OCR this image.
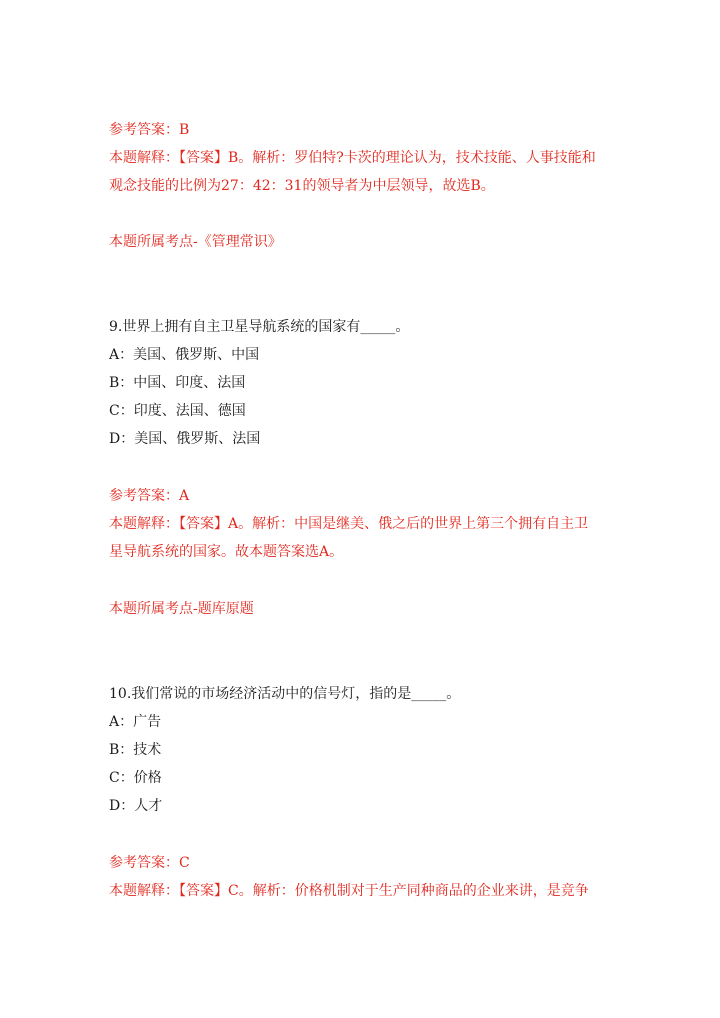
参考答案：B
本题解释：【答案】B。解析：罗伯特?卡茨的理论认为，技术技能、人事技能和
观念技能的比例为27：42：31的领导者为中层领导，故选B。
本题所属考点-《管理常识》
9.世界上拥有自主卫星导航系统的国家有_____。
A：美国、俄罗斯、中国
B：中国、印度、法国
C：印度、法国、德国
D：美国、俄罗斯、法国
参考答案：A
本题解释：【答案】A。解析：中国是继美、俄之后的世界上第三个拥有自主卫
星导航系统的国家。故本题答案选A。
本题所属考点-题库原题
10.我们常说的市场经济活动中的信号灯，指的是_____。
A：广告
B：技术
C：价格
D：人才
参考答案：C
本题解释：【答案】C。解析：价格机制对于生产同种商品的企业来讲，是竞争
